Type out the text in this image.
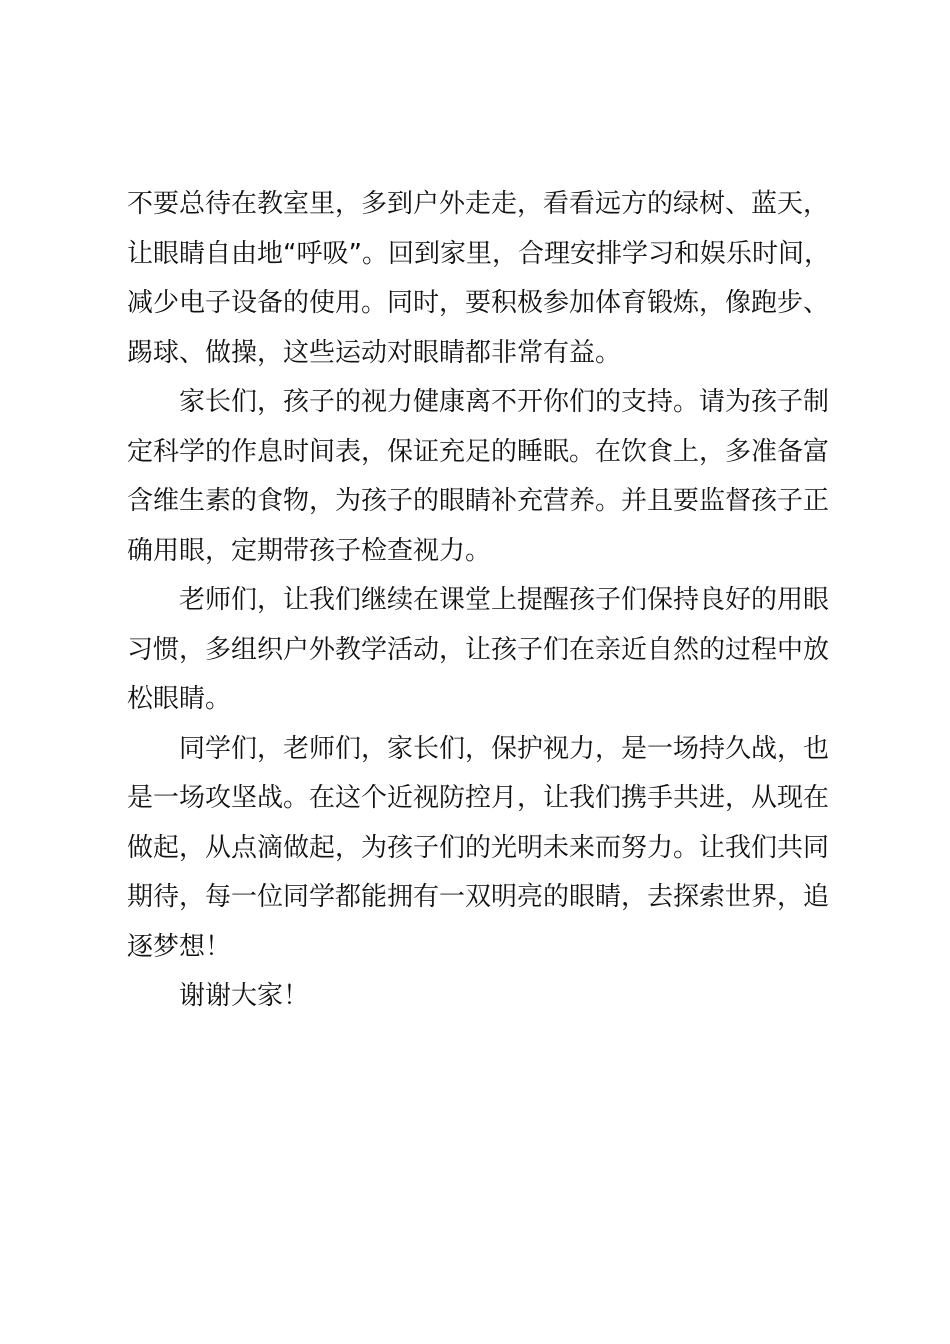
不要总待在教室里，多到户外走走，看看远方的绿树、蓝天，
让眼睛自由地“呼吸”。回到家里，合理安排学习和娱乐时间，
减少电子设备的使用。同时，要积极参加体育锻炼，像跑步、
踢球、做操，这些运动对眼睛都非常有益。
家长们，孩子的视力健康离不开你们的支持。请为孩子制
定科学的作息时间表，保证充足的睡眠。在饮食上，多准备富
含维生素的食物，为孩子的眼睛补充营养。并且要监督孩子正
确用眼，定期带孩子检查视力。
老师们，让我们继续在课堂上提醒孩子们保持良好的用眼
习惯，多组织户外教学活动，让孩子们在亲近自然的过程中放
松眼睛。
同学们，老师们，家长们，保护视力，是一场持久战，也
是一场攻坚战。在这个近视防控月，让我们携手共进，从现在
做起，从点滴做起，为孩子们的光明未来而努力。让我们共同
期待，每一位同学都能拥有一双明亮的眼睛，去探索世界，追
逐梦想！
谢谢大家！
